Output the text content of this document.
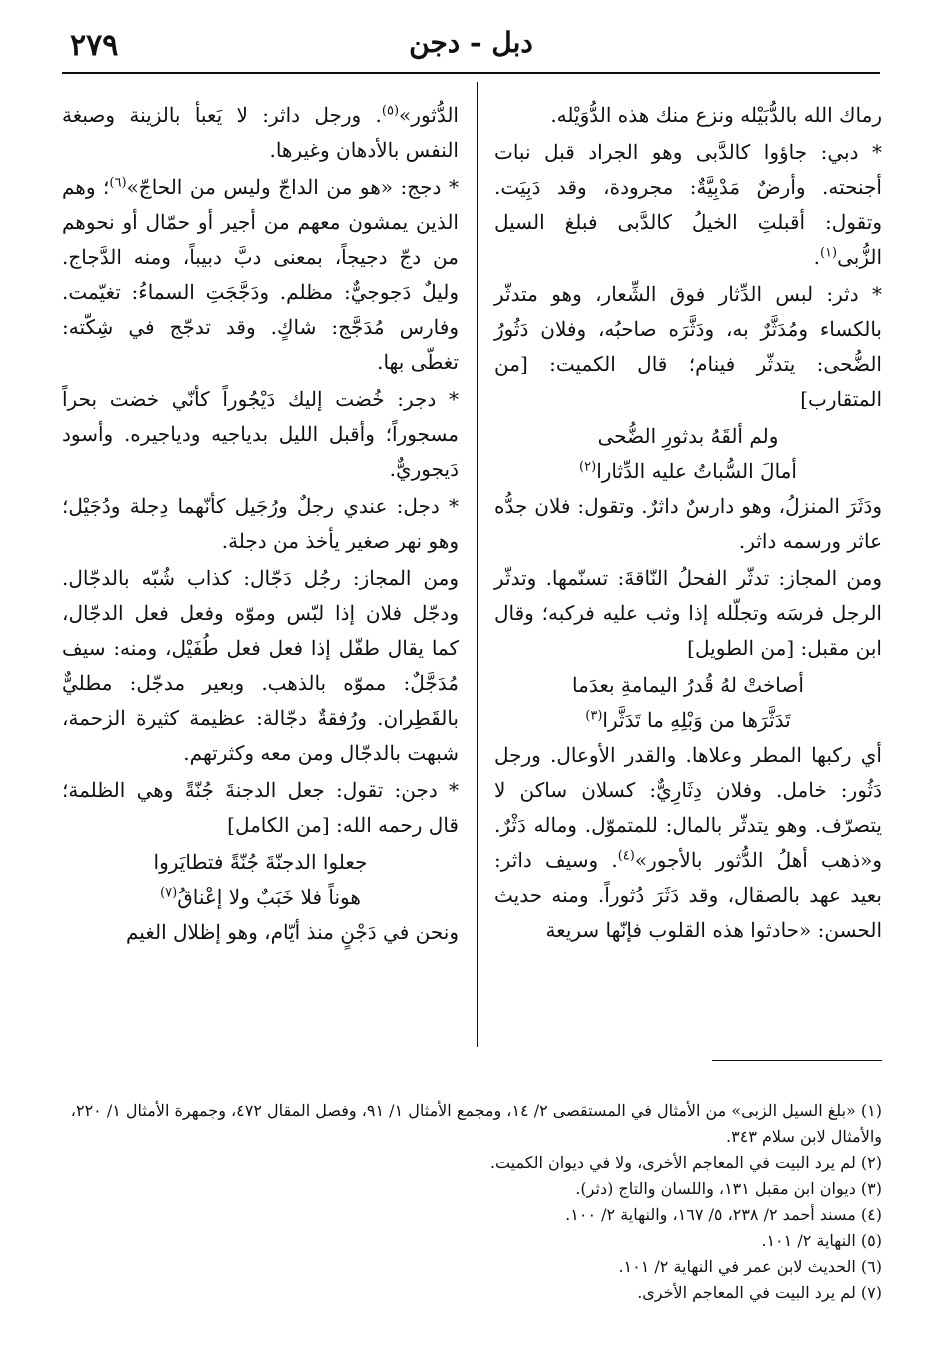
٢٧٩	دبل - دجن

رماك الله بالدُّبَيْله ونزع منك هذه الدُّوَيْله.

* دبي: جاؤوا كالدَّبى وهو الجراد قبل نبات أجنحته. وأرضٌ مَدْبِيَّةٌ: مجرودة، وقد دَبِيَت. وتقول: أقبلتِ الخيلُ كالدَّبى فبلغ السيل الزُّبى$^{(١)}$.

* دثر: لبس الدِّثار فوق الشِّعار، وهو متدثّر بالكساء ومُدَثَّرٌ به، ودَثَّرَه صاحبُه، وفلان دَثُورُ الضُّحى: يتدثّر فينام؛ قال الكميت: [من المتقارب]

ولم ألقَهُ بدثورِ الضُّحى

أمالَ السُّباتُ عليه الدِّثارا$^{(٢)}$

ودَثَرَ المنزلُ، وهو دارسٌ داثرٌ. وتقول: فلان جدُّه عاثر ورسمه داثر.

ومن المجاز: تدثّر الفحلُ النّاقةَ: تسنّمها. وتدثّر الرجل فرسَه وتجلّله إذا وثب عليه فركبه؛ وقال ابن مقبل: [من الطويل]

أصاختْ لهُ قُدرُ اليمامةِ بعدَما

تَدَثَّرَها من وَبْلِهِ ما تَدَثَّرا$^{(٣)}$

أي ركبها المطر وعلاها. والقدر الأوعال. ورجل دَثُور: خامل. وفلان دِثَارِيٌّ: كسلان ساكن لا يتصرّف. وهو يتدثّر بالمال: للمتموّل. وماله دَثْرٌ. و«ذهب أهلُ الدُّثور بالأجور»$^{(٤)}$. وسيف داثر: بعيد عهد بالصقال، وقد دَثَرَ دُثوراً. ومنه حديث الحسن: «حادثوا هذه القلوب فإنّها سريعة

الدُّثور»$^{(٥)}$. ورجل داثر: لا يَعبأ بالزينة وصبغة النفس بالأدهان وغيرها.

* دجج: «هو من الداجّ وليس من الحاجّ»$^{(٦)}$؛ وهم الذين يمشون معهم من أجير أو حمّال أو نحوهم من دجّ دجيجاً، بمعنى دبَّ دبيباً، ومنه الدَّجاج. وليلٌ دَجوجيٌّ: مظلم. ودَجَّجَتِ السماءُ: تغيّمت. وفارس مُدَجَّج: شاكٍ. وقد تدجّج في شِكّته: تغطّى بها.

* دجر: خُضت إليك دَيْجُوراً كأنّي خضت بحراً مسجوراً؛ وأقبل الليل بدياجيه ودياجيره. وأسود دَيجوريٌّ.

* دجل: عندي رجلٌ ورُجَيل كأنّهما دِجلة ودُجَيْل؛ وهو نهر صغير يأخذ من دجلة.

ومن المجاز: رجُل دَجّال: كذاب شُبّه بالدجّال. ودجّل فلان إذا لبّس وموّه وفعل فعل الدجّال، كما يقال طفّل إذا فعل فعل طُفَيْل، ومنه: سيف مُدَجَّلٌ: مموّه بالذهب. وبعير مدجّل: مطليٌّ بالقَطِران. ورُفقةٌ دجّالة: عظيمة كثيرة الزحمة، شبهت بالدجّال ومن معه وكثرتهم.

* دجن: تقول: جعل الدجنةَ جُنّةً وهي الظلمة؛ قال رحمه الله: [من الكامل]

جعلوا الدجنّةَ جُنّةً فتطايَروا

هوناً فلا خَبَبٌ ولا إعْناقُ$^{(٧)}$

ونحن في دَجْنٍ منذ أيّام، وهو إظلال الغيم

(١) «بلغ السيل الزبى» من الأمثال في المستقصى ٢/ ١٤، ومجمع الأمثال ١/ ٩١، وفصل المقال ٤٧٢، وجمهرة الأمثال ١/ ٢٢٠، والأمثال لابن سلام ٣٤٣.

(٢) لم يرد البيت في المعاجم الأخرى، ولا في ديوان الكميت.

(٣) ديوان ابن مقبل ١٣١، واللسان والتاج (دثر).

(٤) مسند أحمد ٢/ ٢٣٨، ٥/ ١٦٧، والنهاية ٢/ ١٠٠.

(٥) النهاية ٢/ ١٠١.

(٦) الحديث لابن عمر في النهاية ٢/ ١٠١.

(٧) لم يرد البيت في المعاجم الأخرى.
